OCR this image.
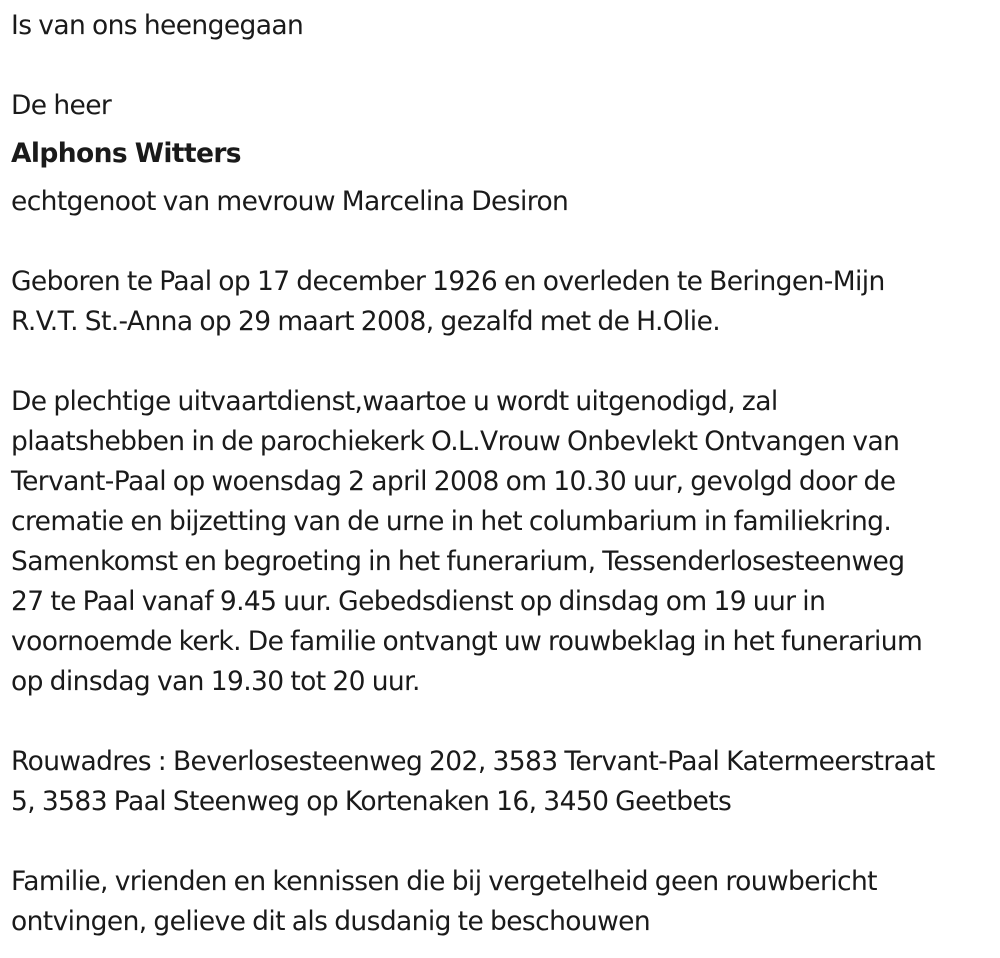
Is van ons heengegaan
De heer
Alphons Witters
echtgenoot van mevrouw Marcelina Desiron
Geboren te Paal op 17 december 1926 en overleden te Beringen-Mijn
R.V.T. St.-Anna op 29 maart 2008, gezalfd met de H.Olie.
De plechtige uitvaartdienst,waartoe u wordt uitgenodigd, zal
plaatshebben in de parochiekerk O.L.Vrouw Onbevlekt Ontvangen van
Tervant-Paal op woensdag 2 april 2008 om 10.30 uur, gevolgd door de
crematie en bijzetting van de urne in het columbarium in familiekring.
Samenkomst en begroeting in het funerarium, Tessenderlosesteenweg
27 te Paal vanaf 9.45 uur. Gebedsdienst op dinsdag om 19 uur in
voornoemde kerk. De familie ontvangt uw rouwbeklag in het funerarium
op dinsdag van 19.30 tot 20 uur.
Rouwadres : Beverlosesteenweg 202, 3583 Tervant-Paal Katermeerstraat
5, 3583 Paal Steenweg op Kortenaken 16, 3450 Geetbets
Familie, vrienden en kennissen die bij vergetelheid geen rouwbericht
ontvingen, gelieve dit als dusdanig te beschouwen
